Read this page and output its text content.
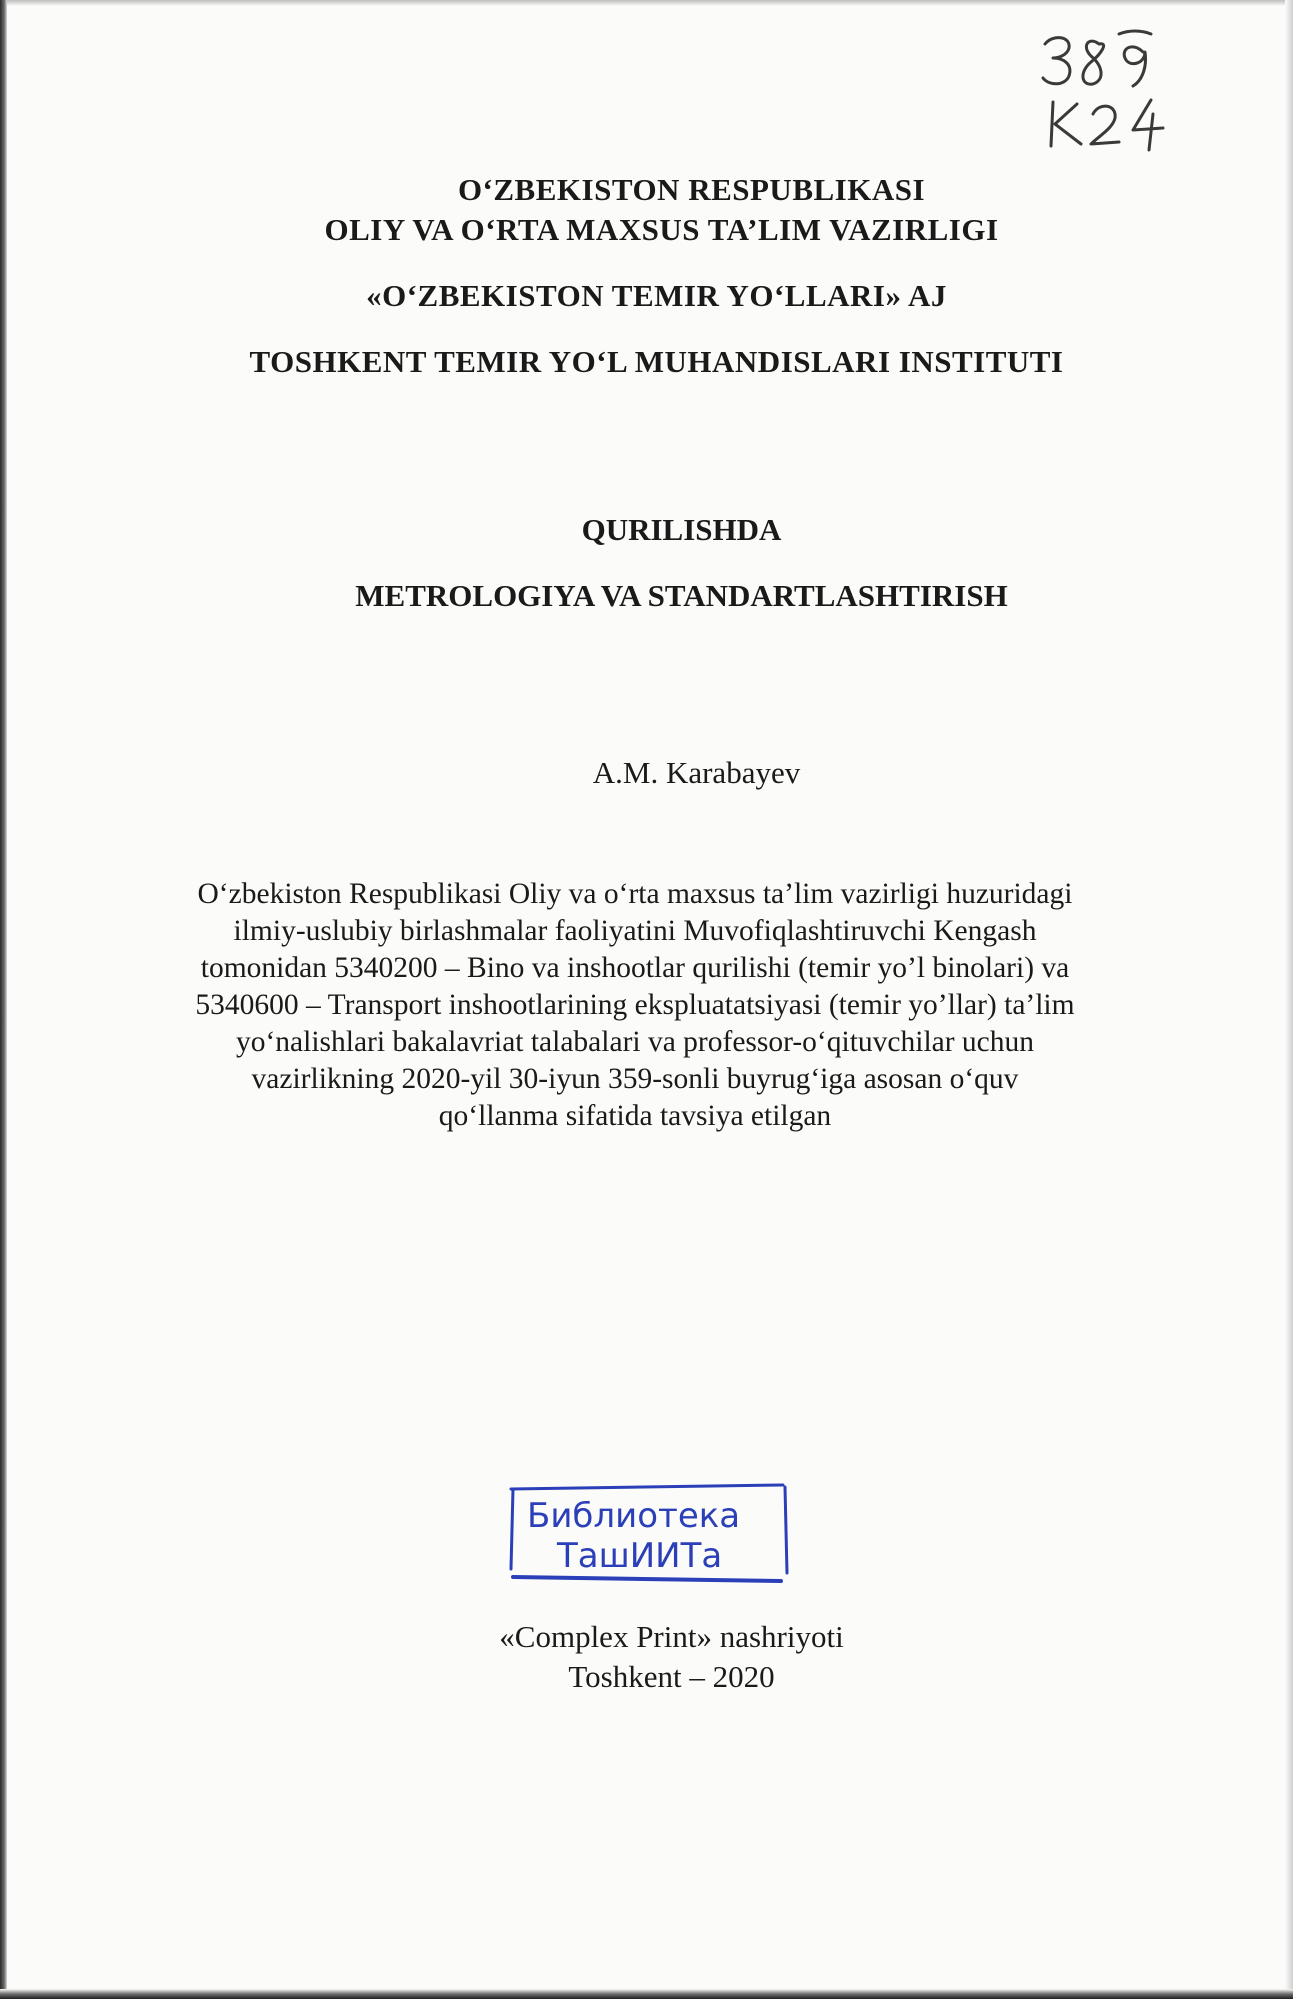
O‘ZBEKISTON RESPUBLIKASI
OLIY VA O‘RTA MAXSUS TA’LIM VAZIRLIGI
«O‘ZBEKISTON TEMIR YO‘LLARI» AJ
TOSHKENT TEMIR YO‘L MUHANDISLARI INSTITUTI
QURILISHDA
METROLOGIYA VA STANDARTLASHTIRISH
A.M. Karabayev
O‘zbekiston Respublikasi Oliy va o‘rta maxsus ta’lim vazirligi huzuridagi
ilmiy-uslubiy birlashmalar faoliyatini Muvofiqlashtiruvchi Kengash
tomonidan 5340200 – Bino va inshootlar qurilishi (temir yo’l binolari) va
5340600 – Transport inshootlarining ekspluatatsiyasi (temir yo’llar) ta’lim
yo‘nalishlari bakalavriat talabalari va professor-o‘qituvchilar uchun
vazirlikning 2020-yil 30-iyun 359-sonli buyrug‘iga asosan o‘quv
qo‘llanma sifatida tavsiya etilgan
Библиотека
ТашИИТа
«Complex Print» nashriyoti
Toshkent – 2020
